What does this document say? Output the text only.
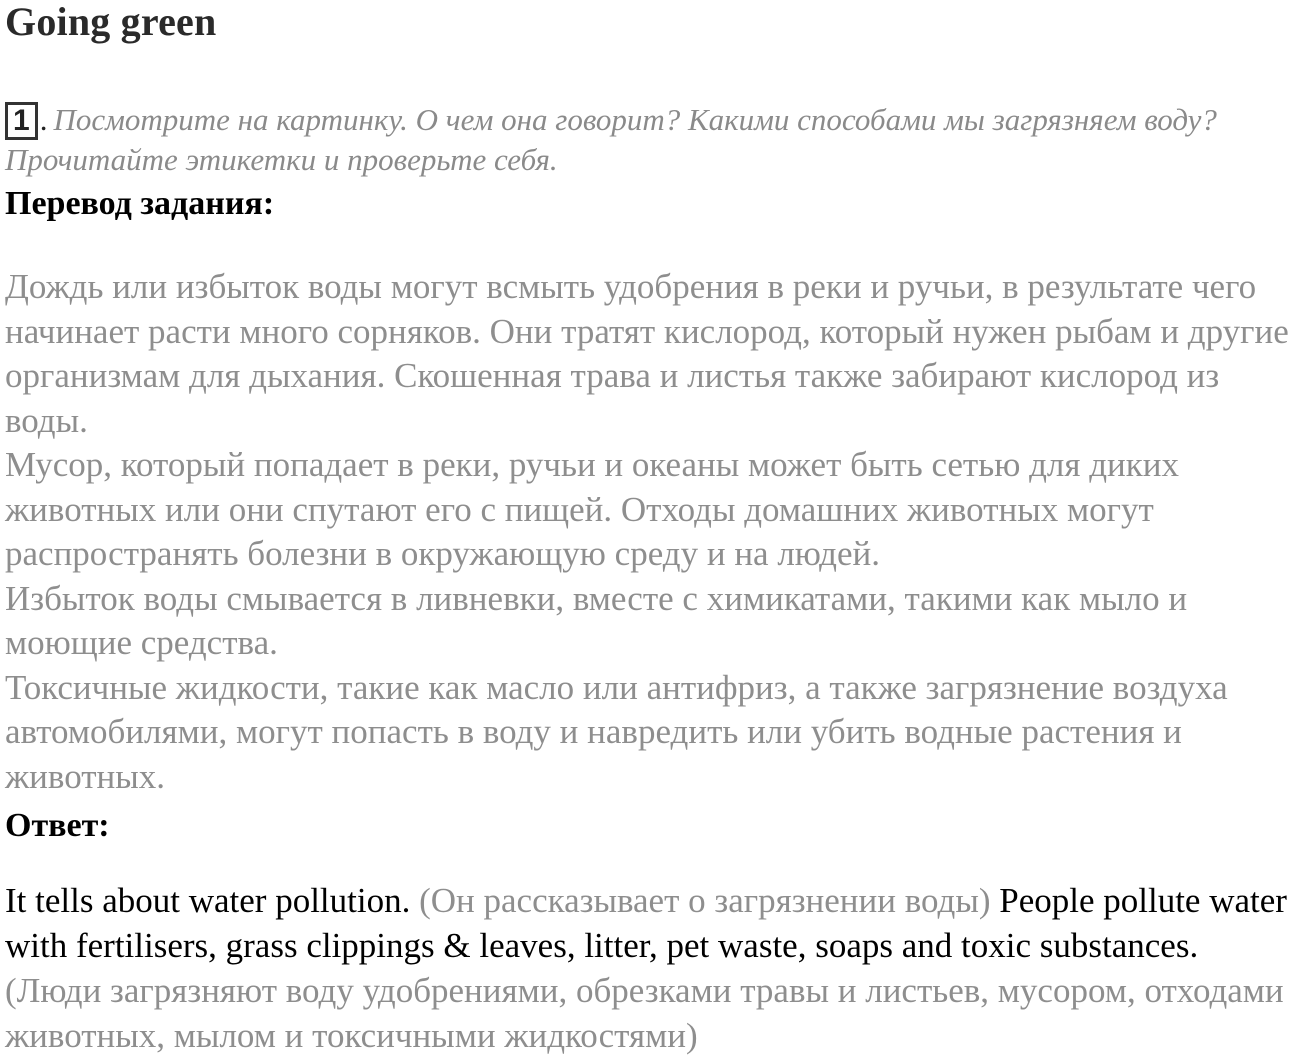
Going green
1 . Посмотрите на картинку. О чем она говорит? Какими способами мы загрязняем воду? Прочитайте этикетки и проверьте себя.
Перевод задания:

Дождь или избыток воды могут всмыть удобрения в реки и ручьи, в результате чего начинает расти много сорняков. Они тратят кислород, который нужен рыбам и другие организмам для дыхания. Скошенная трава и листья также забирают кислород из воды.

Мусор, который попадает в реки, ручьи и океаны может быть сетью для диких животных или они спутают его с пищей. Отходы домашних животных могут распространять болезни в окружающую среду и на людей.

Избыток воды смывается в ливневки, вместе с химикатами, такими как мыло и моющие средства.

Токсичные жидкости, такие как масло или антифриз, а также загрязнение воздуха автомобилями, могут попасть в воду и навредить или убить водные растения и животных.

Ответ:
It tells about water pollution. (Он рассказывает о загрязнении воды) People pollute water with fertilisers, grass clippings & leaves, litter, pet waste, soaps and toxic substances. (Люди загрязняют воду удобрениями, обрезками травы и листьев, мусором, отходами животных, мылом и токсичными жидкостями)
